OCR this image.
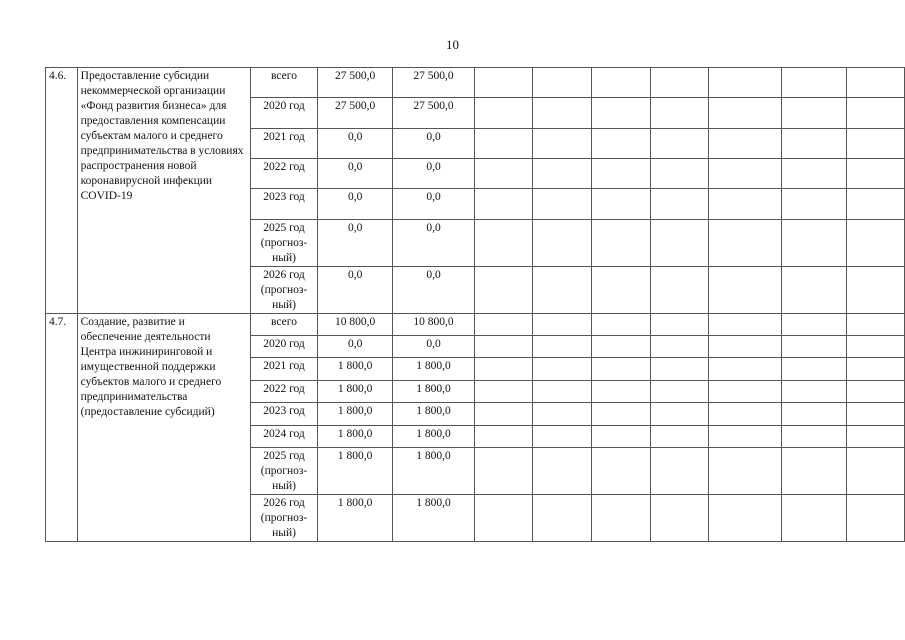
10
4.6.	Предоставление субсидии некоммерческой организации «Фонд развития бизнеса» для предоставления компенсации субъектам малого и среднего предпринимательства в условиях распространения новой коронавирусной инфекции COVID-19	всего	27 500,0	27 500,0							
		2020 год	27 500,0	27 500,0							
		2021 год	0,0	0,0							
		2022 год	0,0	0,0							
		2023 год	0,0	0,0							
		2025 год (прогноз-ный)	0,0	0,0							
		2026 год (прогноз-ный)	0,0	0,0							
4.7.	Создание, развитие и обеспечение деятельности Центра инжиниринговой и имущественной поддержки субъектов малого и среднего предпринимательства (предоставление субсидий)	всего	10 800,0	10 800,0							
		2020 год	0,0	0,0							
		2021 год	1 800,0	1 800,0							
		2022 год	1 800,0	1 800,0							
		2023 год	1 800,0	1 800,0							
		2024 год	1 800,0	1 800,0							
		2025 год (прогноз-ный)	1 800,0	1 800,0							
		2026 год (прогноз-ный)	1 800,0	1 800,0							
